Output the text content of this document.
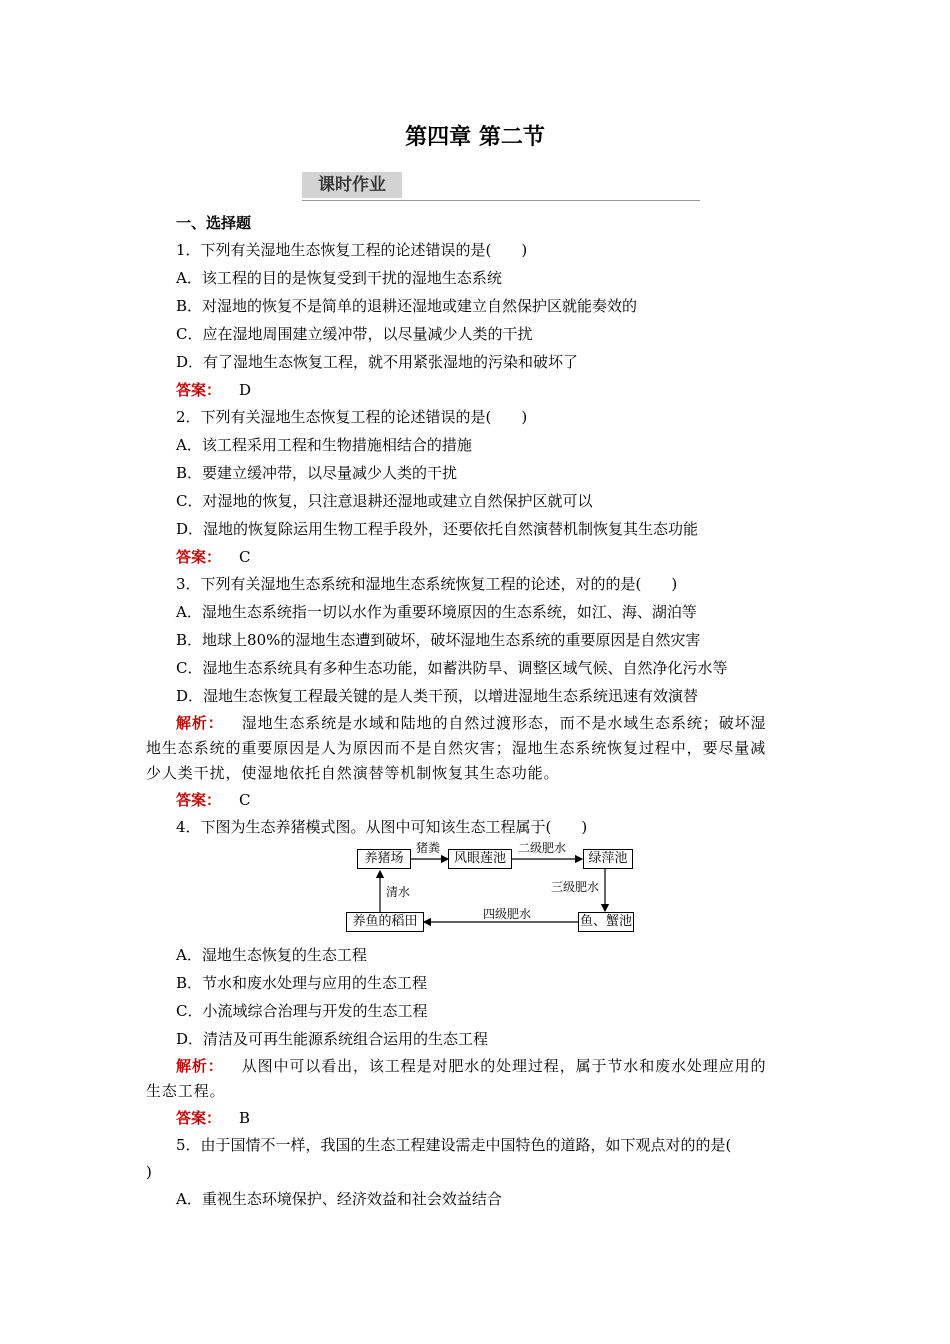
第四章 第二节
课时作业
一、选择题
1．下列有关湿地生态恢复工程的论述错误的是(　　)
A．该工程的目的是恢复受到干扰的湿地生态系统
B．对湿地的恢复不是简单的退耕还湿地或建立自然保护区就能奏效的
C．应在湿地周围建立缓冲带，以尽量减少人类的干扰
D．有了湿地生态恢复工程，就不用紧张湿地的污染和破坏了
答案： D
2．下列有关湿地生态恢复工程的论述错误的是(　　)
A．该工程采用工程和生物措施相结合的措施
B．要建立缓冲带，以尽量减少人类的干扰
C．对湿地的恢复，只注意退耕还湿地或建立自然保护区就可以
D．湿地的恢复除运用生物工程手段外，还要依托自然演替机制恢复其生态功能
答案： C
3．下列有关湿地生态系统和湿地生态系统恢复工程的论述，对的的是(　　)
A．湿地生态系统指一切以水作为重要环境原因的生态系统，如江、海、湖泊等
B．地球上80%的湿地生态遭到破坏，破坏湿地生态系统的重要原因是自然灾害
C．湿地生态系统具有多种生态功能，如蓄洪防旱、调整区域气候、自然净化污水等
D．湿地生态恢复工程最关键的是人类干预，以增进湿地生态系统迅速有效演替
解析： 湿地生态系统是水域和陆地的自然过渡形态，而不是水域生态系统；破坏湿
地生态系统的重要原因是人为原因而不是自然灾害；湿地生态系统恢复过程中，要尽量减
少人类干扰，使湿地依托自然演替等机制恢复其生态功能。
答案： C
4．下图为生态养猪模式图。从图中可知该生态工程属于(　　)
养猪场	风眼莲池	绿萍池
鱼、蟹池
养鱼的稻田
猪粪	二级肥水
三级肥水
四级肥水
清水
A．湿地生态恢复的生态工程
B．节水和废水处理与应用的生态工程
C．小流域综合治理与开发的生态工程
D．清洁及可再生能源系统组合运用的生态工程
解析： 从图中可以看出，该工程是对肥水的处理过程，属于节水和废水处理应用的
生态工程。
答案： B
5．由于国情不一样，我国的生态工程建设需走中国特色的道路，如下观点对的的是(
)
A．重视生态环境保护、经济效益和社会效益结合
